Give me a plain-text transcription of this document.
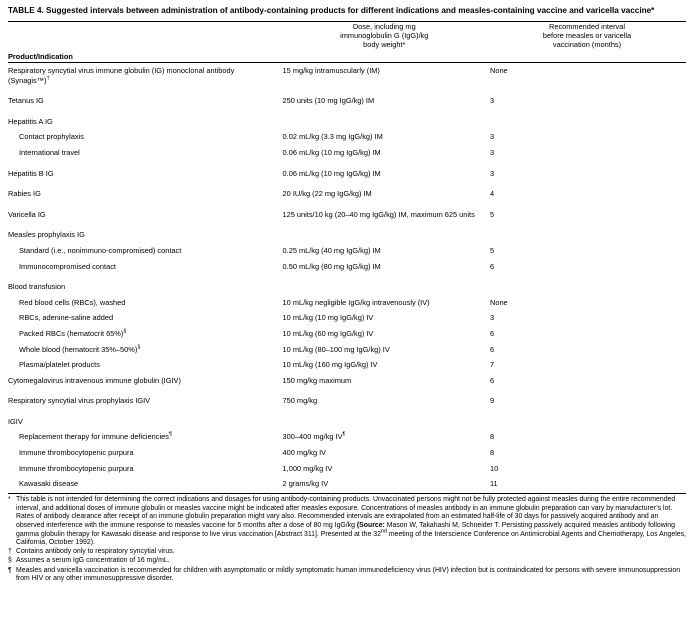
TABLE 4. Suggested intervals between administration of antibody-containing products for different indications and measles-containing vaccine and varicella vaccine*

Dose, including mg
immunoglobulin G (IgG)/kg
body weight*

Recommended interval
before measles or varicella
vaccination (months)

Product/Indication		
Respiratory syncytial virus immune globulin (IG) monoclonal antibody (Synagis™)†	15 mg/kg intramuscularly (IM)	None

Tetanus IG	250 units (10 mg IgG/kg) IM	3

Hepatitis A IG		
Contact prophylaxis	0.02 mL/kg (3.3 mg IgG/kg) IM	3
International travel	0.06 mL/kg (10 mg IgG/kg) IM	3

Hepatitis B IG	0.06 mL/kg (10 mg IgG/kg) IM	3

Rabies IG	20 IU/kg (22 mg IgG/kg) IM	4

Varicella IG	125 units/10 kg (20–40 mg IgG/kg) IM, maximum 625 units	5

Measles prophylaxis IG		
Standard (i.e., nonimmuno-compromised) contact	0.25 mL/kg (40 mg IgG/kg) IM	5
Immunocompromised contact	0.50 mL/kg (80 mg IgG/kg) IM	6

Blood transfusion		
Red blood cells (RBCs), washed	10 mL/kg negligible IgG/kg intravenously (IV)	None
RBCs, adenine-saline added	10 mL/kg (10 mg IgG/kg) IV	3
Packed RBCs (hematocrit 65%)§	10 mL/kg (60 mg IgG/kg) IV	6
Whole blood (hematocrit 35%–50%)§	10 mL/kg (80–100 mg IgG/kg) IV	6
Plasma/platelet products	10 mL/kg (160 mg IgG/kg) IV	7
Cytomegalovirus intravenous immune globulin (IGIV)	150 mg/kg maximum	6

Respiratory syncytial virus prophylaxis IGIV	750 mg/kg	9

IGIV		
Replacement therapy for immune deficiencies¶	300–400 mg/kg IV¶	8
Immune thrombocytopenic purpura	400 mg/kg IV	8
Immune thrombocytopenic purpura	1,000 mg/kg IV	10
Kawasaki disease	2 grams/kg IV	11
* This table is not intended for determining the correct indications and dosages for using antibody-containing products. Unvaccinated persons might not be fully protected against measles during the entire recommended interval, and additional doses of immune globulin or measles vaccine might be indicated after measles exposure. Concentrations of measles antibody in an immune globulin preparation can vary by manufacturer’s lot. Rates of antibody clearance after receipt of an immune globulin preparation might vary also. Recommended intervals are extrapolated from an estimated half-life of 30 days for passively acquired antibody and an observed interference with the immune response to measles vaccine for 5 months after a dose of 80 mg IgG/kg (Source: Mason W, Takahashi M, Schneider T. Persisting passively acquired measles antibody following gamma globulin therapy for Kawasaki disease and response to live virus vaccination [Abstract 311]. Presented at the 32nd meeting of the Interscience Conference on Antimicrobial Agents and Chemotherapy, Los Angeles, California, October 1992).
† Contains antibody only to respiratory syncytial virus.
§ Assumes a serum IgG concentration of 16 mg/mL.
¶ Measles and varicella vaccination is recommended for children with asymptomatic or mildly symptomatic human immunodeficiency virus (HIV) infection but is contraindicated for persons with severe immunosuppression from HIV or any other immunosuppressive disorder.
